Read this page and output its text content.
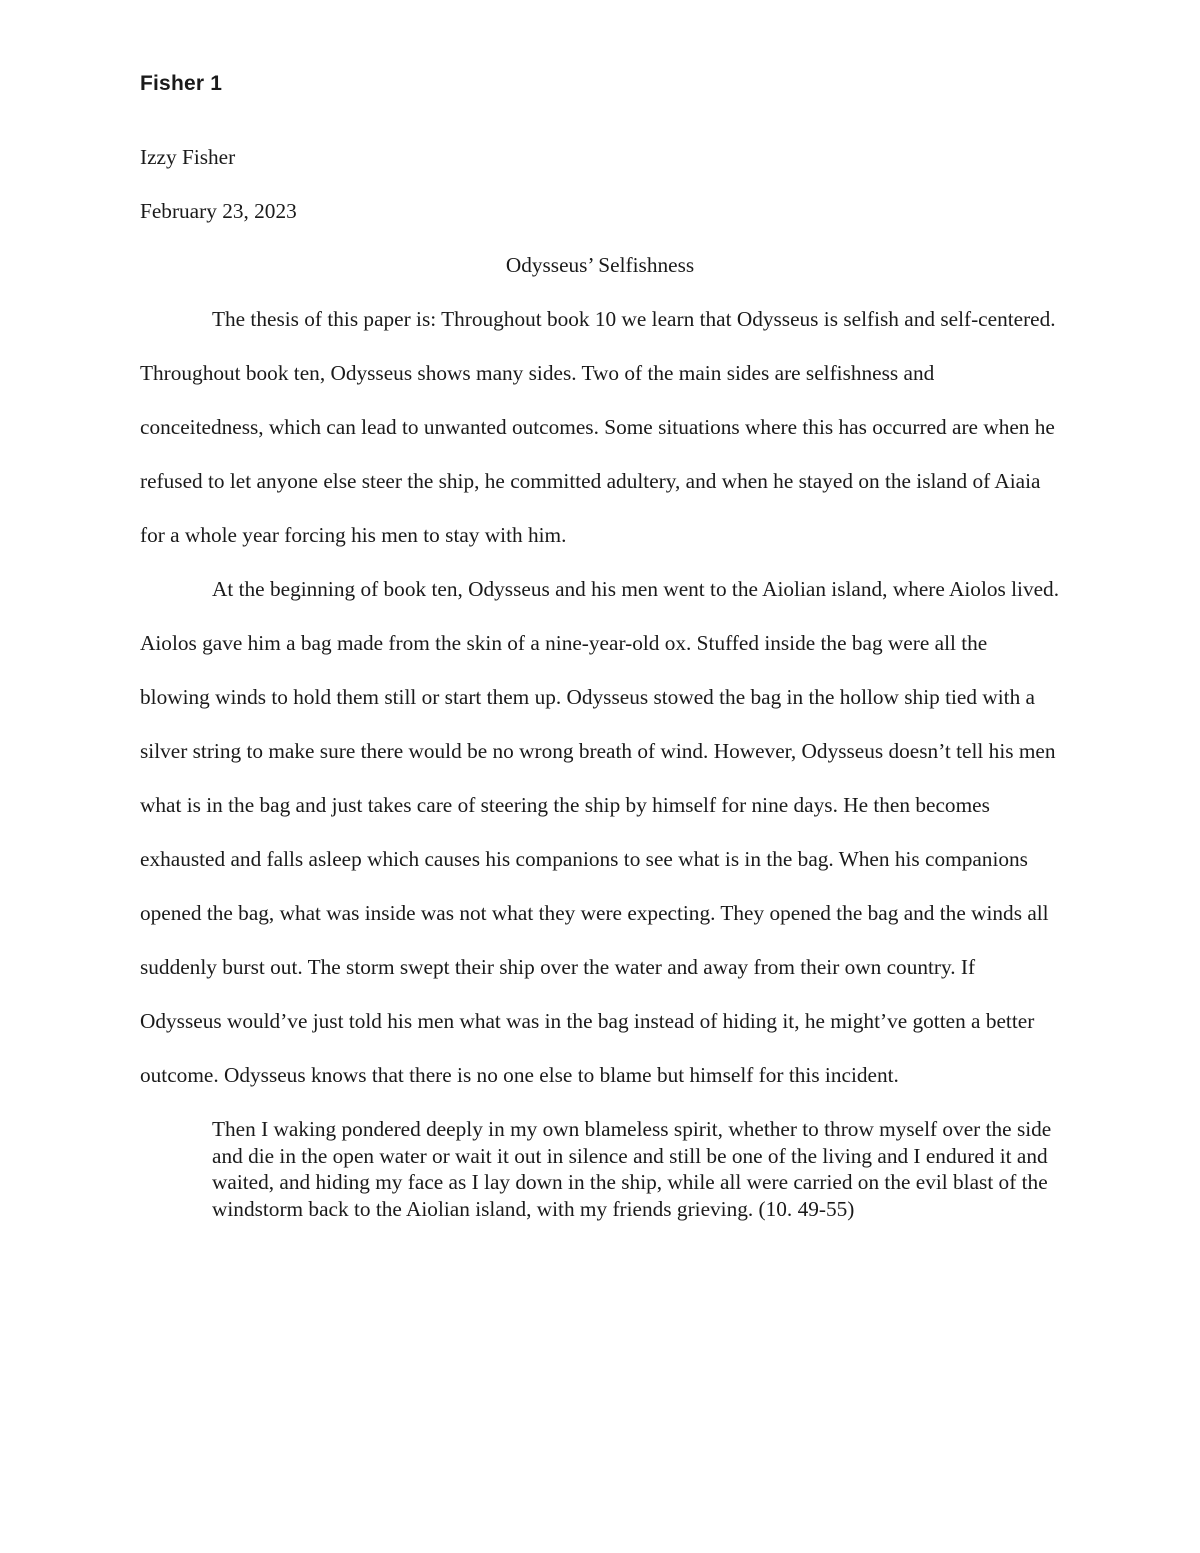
Fisher 1
Izzy Fisher
February 23, 2023
Odysseus’ Selfishness

The thesis of this paper is: Throughout book 10 we learn that Odysseus is selfish and self-centered. Throughout book ten, Odysseus shows many sides. Two of the main sides are selfishness and conceitedness, which can lead to unwanted outcomes. Some situations where this has occurred are when he refused to let anyone else steer the ship, he committed adultery, and when he stayed on the island of Aiaia for a whole year forcing his men to stay with him.

At the beginning of book ten, Odysseus and his men went to the Aiolian island, where Aiolos lived. Aiolos gave him a bag made from the skin of a nine-year-old ox. Stuffed inside the bag were all the blowing winds to hold them still or start them up. Odysseus stowed the bag in the hollow ship tied with a silver string to make sure there would be no wrong breath of wind. However, Odysseus doesn’t tell his men what is in the bag and just takes care of steering the ship by himself for nine days. He then becomes exhausted and falls asleep which causes his companions to see what is in the bag. When his companions opened the bag, what was inside was not what they were expecting. They opened the bag and the winds all suddenly burst out. The storm swept their ship over the water and away from their own country. If Odysseus would’ve just told his men what was in the bag instead of hiding it, he might’ve gotten a better outcome. Odysseus knows that there is no one else to blame but himself for this incident.

Then I waking pondered deeply in my own blameless spirit, whether to throw myself over the side and die in the open water or wait it out in silence and still be one of the living and I endured it and waited, and hiding my face as I lay down in the ship, while all were carried on the evil blast of the windstorm back to the Aiolian island, with my friends grieving. (10. 49-55)
